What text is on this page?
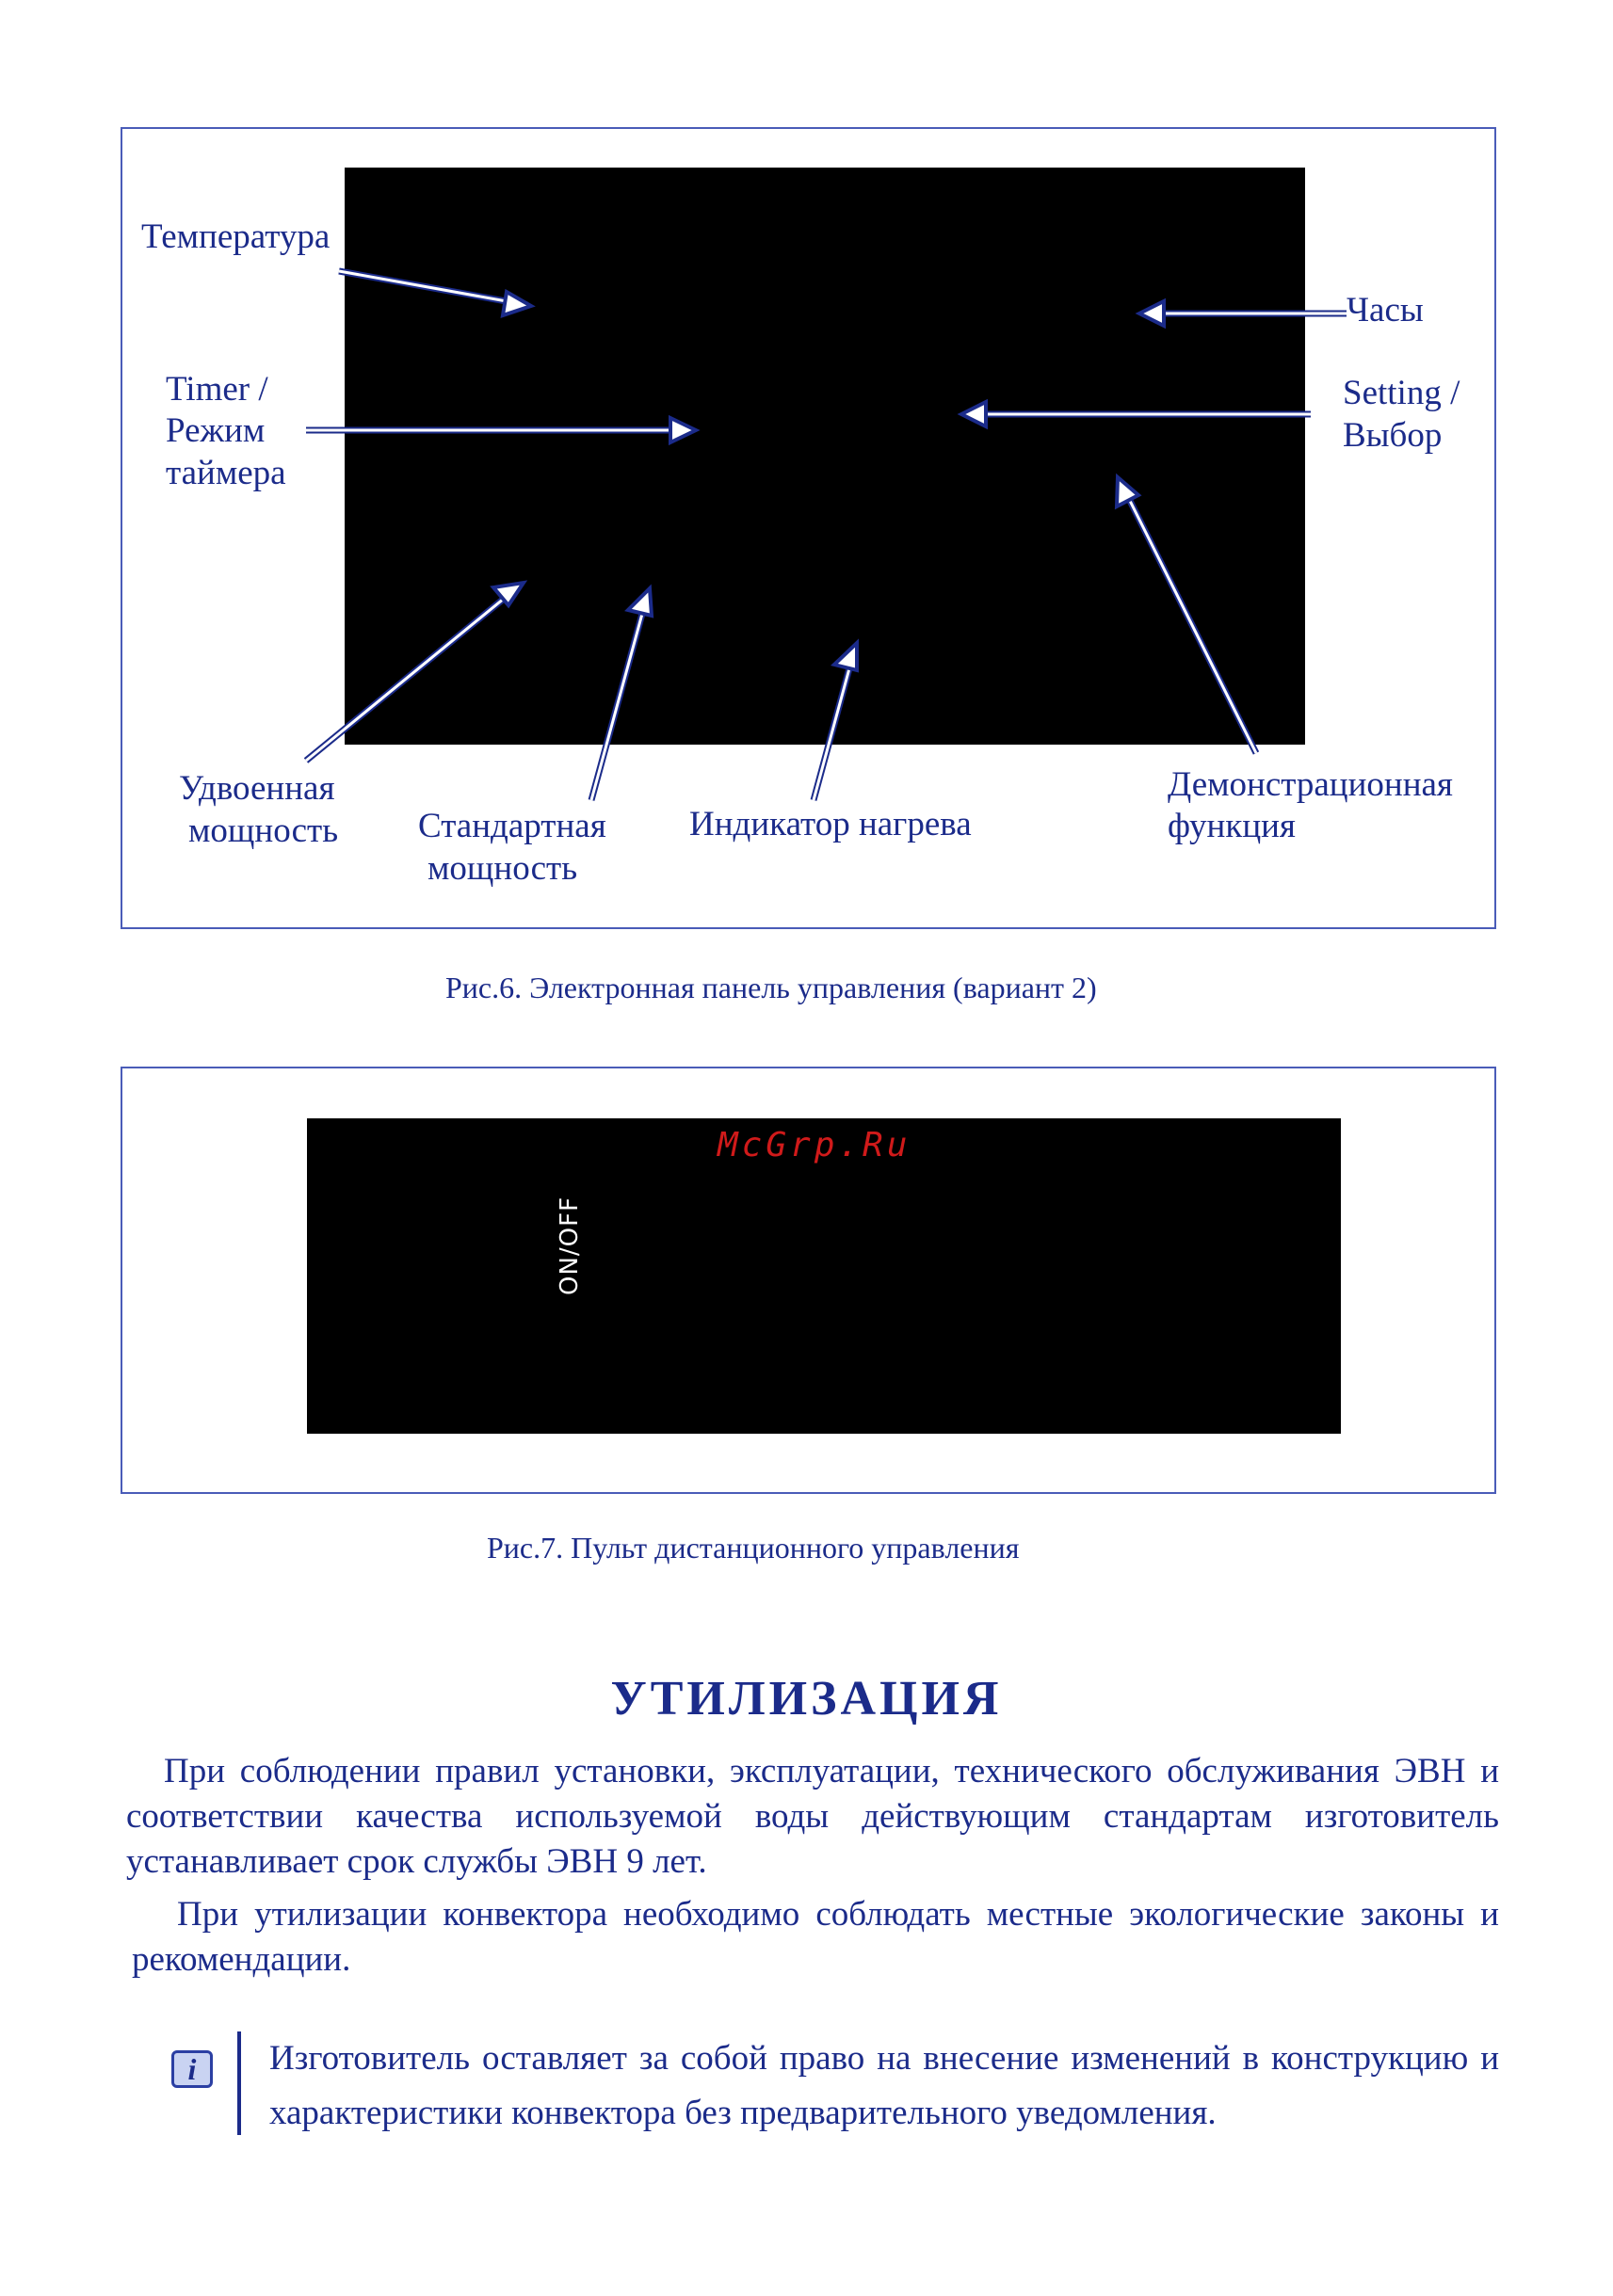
Температура
Часы
Timer /
Режим
таймера
Setting /
Выбор
Удвоенная
мощность Стандартная
мощность
Индикатор нагрева
Демонстрационная
функция
Рис.6. Электронная панель управления (вариант 2)
McGrp.Ru
ON/OFF
Рис.7. Пульт дистанционного управления
УТИЛИЗАЦИЯ
При соблюдении правил установки, эксплуатации, технического обслуживания ЭВН и соответствии качества используемой воды действующим стандартам изготовитель устанавливает срок службы ЭВН 9 лет.
При утилизации конвектора необходимо соблюдать местные экологические законы и рекомендации.
i	Изготовитель оставляет за собой право на внесение изменений в конструкцию и характеристики конвектора без предварительного уведомления.
